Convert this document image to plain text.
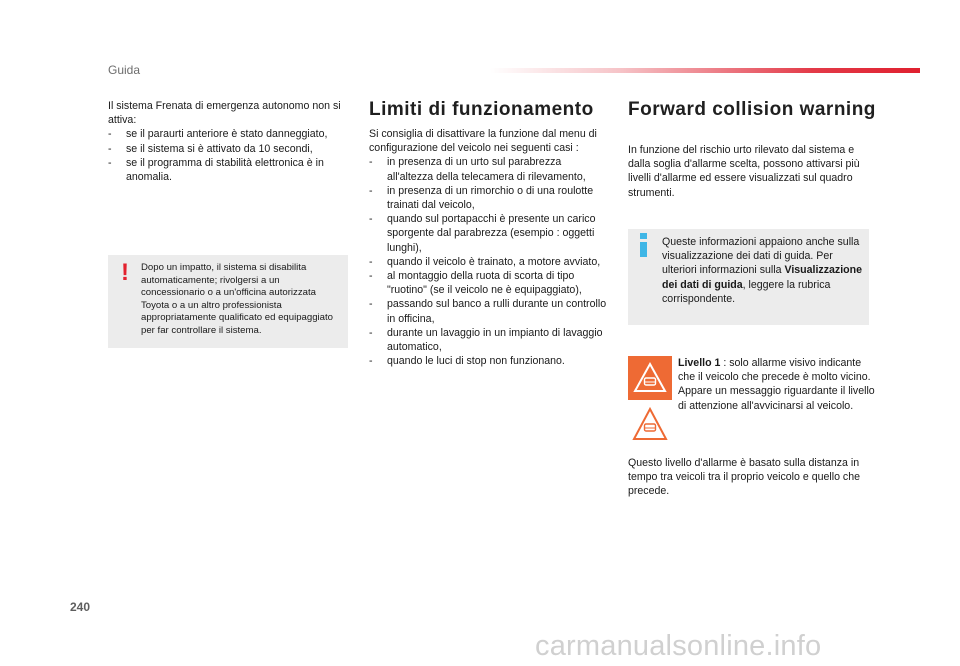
Guida

Il sistema Frenata di emergenza autonomo non si attiva:

- se il paraurti anteriore è stato danneggiato,
- se il sistema si è attivato da 10 secondi,
- se il programma di stabilità elettronica è in anomalia.
! Dopo un impatto, il sistema si disabilita automaticamente; rivolgersi a un concessionario o a un'officina autorizzata Toyota o a un altro professionista appropriatamente qualificato ed equipaggiato per far controllare il sistema.
Limiti di funzionamento

Si consiglia di disattivare la funzione dal menu di configurazione del veicolo nei seguenti casi :

- in presenza di un urto sul parabrezza all'altezza della telecamera di rilevamento,
- in presenza di un rimorchio o di una roulotte trainati dal veicolo,
- quando sul portapacchi è presente un carico sporgente dal parabrezza (esempio : oggetti lunghi),
- quando il veicolo è trainato, a motore avviato,
- al montaggio della ruota di scorta di tipo "ruotino" (se il veicolo ne è equipaggiato),
- passando sul banco a rulli durante un controllo in officina,
- durante un lavaggio in un impianto di lavaggio automatico,
- quando le luci di stop non funzionano.
Forward collision warning

In funzione del rischio urto rilevato dal sistema e dalla soglia d'allarme scelta, possono attivarsi più livelli d'allarme ed essere visualizzati sul quadro strumenti.

Queste informazioni appaiono anche sulla visualizzazione dei dati di guida. Per ulteriori informazioni sulla Visualizzazione dei dati di guida, leggere la rubrica corrispondente.

Livello 1 : solo allarme visivo indicante che il veicolo che precede è molto vicino.

Appare un messaggio riguardante il livello di attenzione all'avvicinarsi al veicolo.

Questo livello d'allarme è basato sulla distanza in tempo tra veicoli tra il proprio veicolo e quello che precede.
240
carmanualsonline.info
